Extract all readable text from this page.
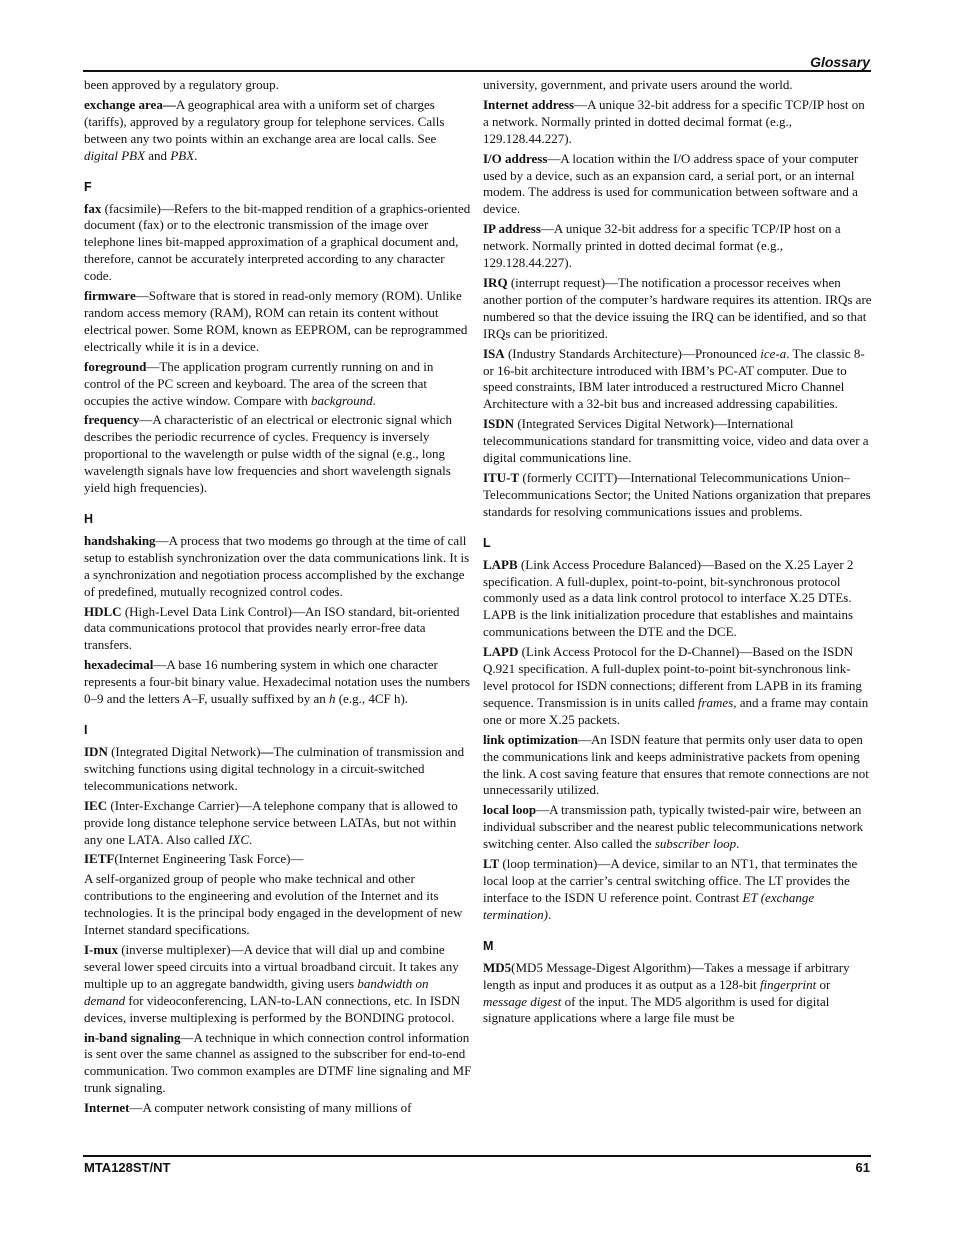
Glossary
been approved by a regulatory group.
exchange area—A geographical area with a uniform set of charges (tariffs), approved by a regulatory group for telephone services. Calls between any two points within an exchange area are local calls. See digital PBX and PBX.
F
fax (facsimile)—Refers to the bit-mapped rendition of a graphics-oriented document (fax) or to the electronic transmission of the image over telephone lines bit-mapped approximation of a graphical document and, therefore, cannot be accurately interpreted according to any character code.
firmware—Software that is stored in read-only memory (ROM). Unlike random access memory (RAM), ROM can retain its content without electrical power. Some ROM, known as EEPROM, can be reprogrammed electrically while it is in a device.
foreground—The application program currently running on and in control of the PC screen and keyboard. The area of the screen that occupies the active window. Compare with background.
frequency—A characteristic of an electrical or electronic signal which describes the periodic recurrence of cycles. Frequency is inversely proportional to the wavelength or pulse width of the signal (e.g., long wavelength signals have low frequencies and short wavelength signals yield high frequencies).
H
handshaking—A process that two modems go through at the time of call setup to establish synchronization over the data communications link. It is a synchronization and negotiation process accomplished by the exchange of predefined, mutually recognized control codes.
HDLC (High-Level Data Link Control)—An ISO standard, bit-oriented data communications protocol that provides nearly error-free data transfers.
hexadecimal—A base 16 numbering system in which one character represents a four-bit binary value. Hexadecimal notation uses the numbers 0–9 and the letters A–F, usually suffixed by an h (e.g., 4CF h).
I
IDN (Integrated Digital Network)—The culmination of transmission and switching functions using digital technology in a circuit-switched telecommunications network.
IEC (Inter-Exchange Carrier)—A telephone company that is allowed to provide long distance telephone service between LATAs, but not within any one LATA. Also called IXC.
IETF(Internet Engineering Task Force)—
A self-organized group of people who make technical and other contributions to the engineering and evolution of the Internet and its technologies. It is the principal body engaged in the development of new Internet standard specifications.
I-mux (inverse multiplexer)—A device that will dial up and combine several lower speed circuits into a virtual broadband circuit. It takes any multiple up to an aggregate bandwidth, giving users bandwidth on demand for videoconferencing, LAN-to-LAN connections, etc. In ISDN devices, inverse multiplexing is performed by the BONDING protocol.
in-band signaling—A technique in which connection control information is sent over the same channel as assigned to the subscriber for end-to-end communication. Two common examples are DTMF line signaling and MF trunk signaling.
Internet—A computer network consisting of many millions of
university, government, and private users around the world.
Internet address—A unique 32-bit address for a specific TCP/IP host on a network. Normally printed in dotted decimal format (e.g., 129.128.44.227).
I/O address—A location within the I/O address space of your computer used by a device, such as an expansion card, a serial port, or an internal modem. The address is used for communication between software and a device.
IP address—A unique 32-bit address for a specific TCP/IP host on a network. Normally printed in dotted decimal format (e.g., 129.128.44.227).
IRQ (interrupt request)—The notification a processor receives when another portion of the computer’s hardware requires its attention. IRQs are numbered so that the device issuing the IRQ can be identified, and so that IRQs can be prioritized.
ISA (Industry Standards Architecture)—Pronounced ice-a. The classic 8- or 16-bit architecture introduced with IBM’s PC-AT computer. Due to speed constraints, IBM later introduced a restructured Micro Channel Architecture with a 32-bit bus and increased addressing capabilities.
ISDN (Integrated Services Digital Network)—International telecommunications standard for transmitting voice, video and data over a digital communications line.
ITU-T (formerly CCITT)—International Telecommunications Union–Telecommunications Sector; the United Nations organization that prepares standards for resolving communications issues and problems.
L
LAPB (Link Access Procedure Balanced)—Based on the X.25 Layer 2 specification. A full-duplex, point-to-point, bit-synchronous protocol commonly used as a data link control protocol to interface X.25 DTEs. LAPB is the link initialization procedure that establishes and maintains communications between the DTE and the DCE.
LAPD (Link Access Protocol for the D-Channel)—Based on the ISDN Q.921 specification. A full-duplex point-to-point bit-synchronous link-level protocol for ISDN connections; different from LAPB in its framing sequence. Transmission is in units called frames, and a frame may contain one or more X.25 packets.
link optimization—An ISDN feature that permits only user data to open the communications link and keeps administrative packets from opening the link. A cost saving feature that ensures that remote connections are not unnecessarily utilized.
local loop—A transmission path, typically twisted-pair wire, between an individual subscriber and the nearest public telecommunications network switching center. Also called the subscriber loop.
LT (loop termination)—A device, similar to an NT1, that terminates the local loop at the carrier’s central switching office. The LT provides the interface to the ISDN U reference point. Contrast ET (exchange termination).
M
MD5(MD5 Message-Digest Algorithm)—Takes a message if arbitrary length as input and produces it as output as a 128-bit fingerprint or message digest of the input. The MD5 algorithm is used for digital signature applications where a large file must be
MTA128ST/NT	61
